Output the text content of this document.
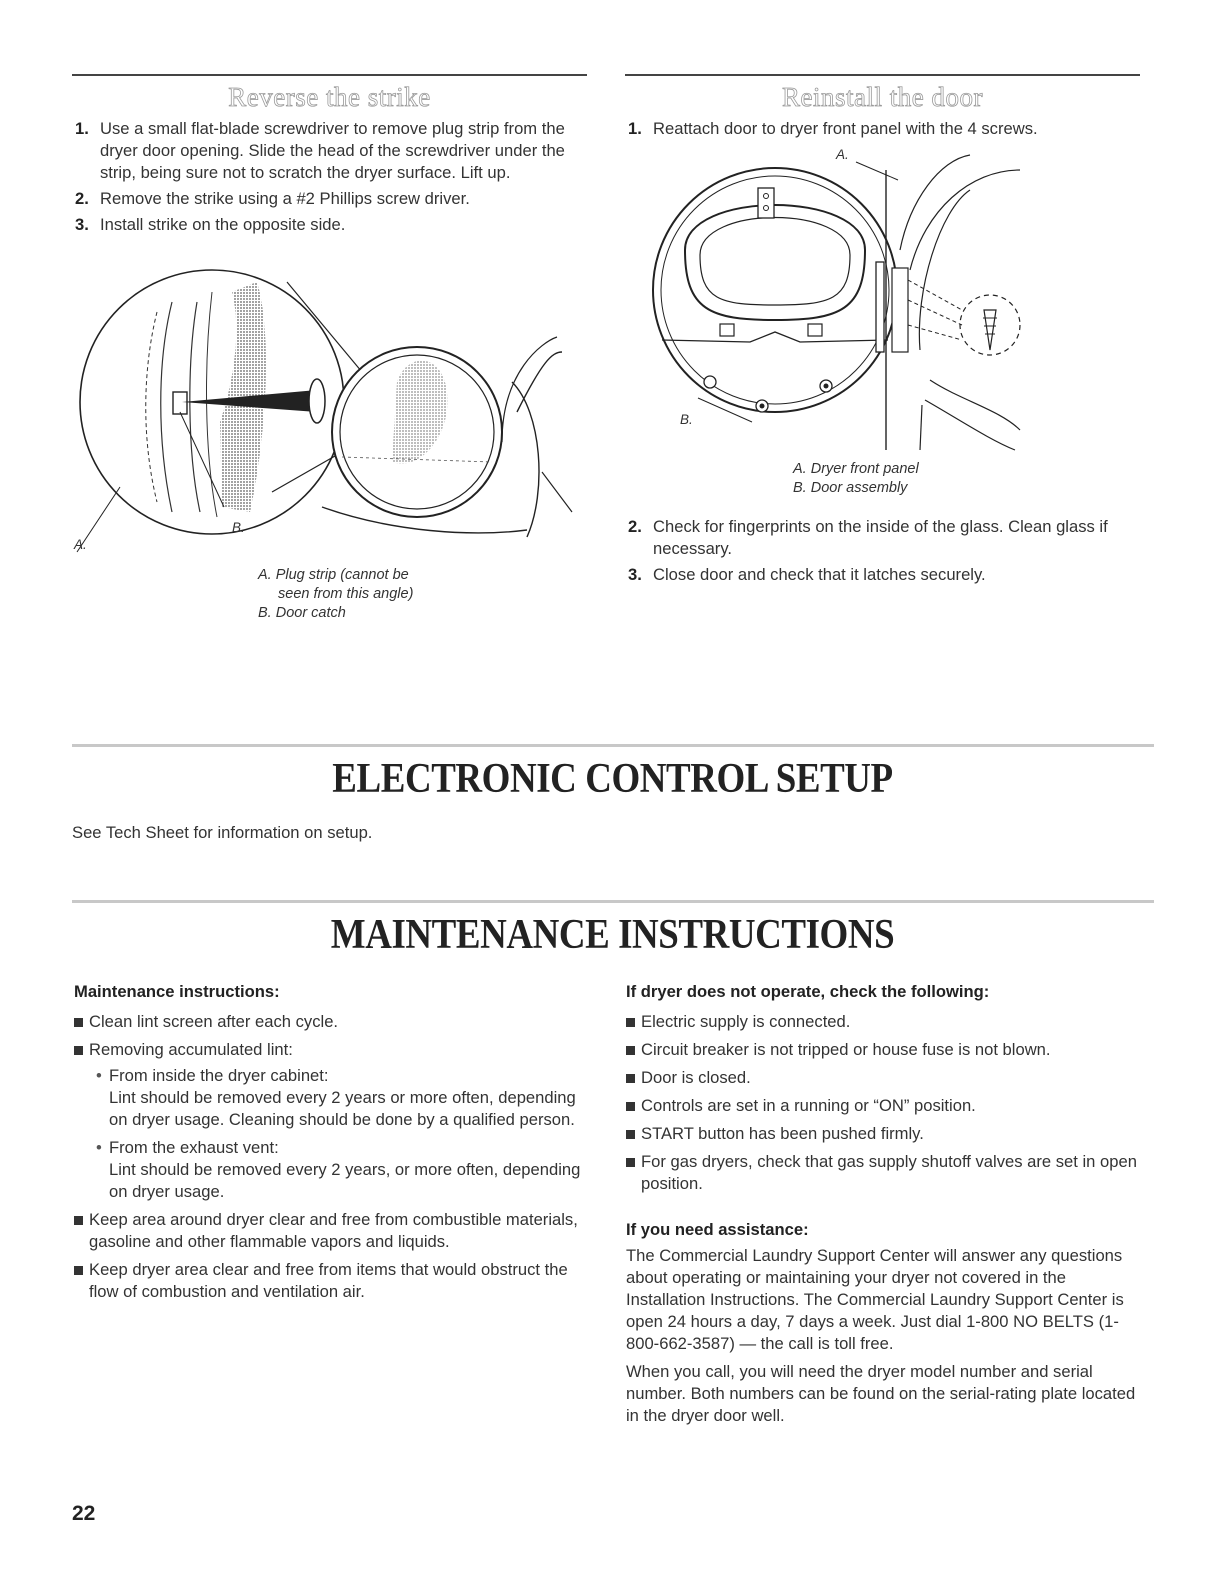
Reverse the strike
1. Use a small flat-blade screwdriver to remove plug strip from the dryer door opening. Slide the head of the screwdriver under the strip, being sure not to scratch the dryer surface. Lift up.
2. Remove the strike using a #2 Phillips screw driver.
3. Install strike on the opposite side.
A.
B.
A. Plug strip (cannot be
seen from this angle)
B. Door catch
Reinstall the door
1. Reattach door to dryer front panel with the 4 screws.
A.
B.
A. Dryer front panel
B. Door assembly
2. Check for fingerprints on the inside of the glass. Clean glass if necessary.
3. Close door and check that it latches securely.
ELECTRONIC CONTROL SETUP
See Tech Sheet for information on setup.
MAINTENANCE INSTRUCTIONS
Maintenance instructions:
Clean lint screen after each cycle.
Removing accumulated lint:
• From inside the dryer cabinet:
Lint should be removed every 2 years or more often, depending on dryer usage. Cleaning should be done by a qualified person.
• From the exhaust vent:
Lint should be removed every 2 years, or more often, depending on dryer usage.
Keep area around dryer clear and free from combustible materials, gasoline and other flammable vapors and liquids.
Keep dryer area clear and free from items that would obstruct the flow of combustion and ventilation air.
If dryer does not operate, check the following:
Electric supply is connected.
Circuit breaker is not tripped or house fuse is not blown.
Door is closed.
Controls are set in a running or “ON” position.
START button has been pushed firmly.
For gas dryers, check that gas supply shutoff valves are set in open position.
If you need assistance:
The Commercial Laundry Support Center will answer any questions about operating or maintaining your dryer not covered in the Installation Instructions. The Commercial Laundry Support Center is open 24 hours a day, 7 days a week. Just dial 1-800 NO BELTS (1-800-662-3587) — the call is toll free.
When you call, you will need the dryer model number and serial number. Both numbers can be found on the serial-rating plate located in the dryer door well.
22
